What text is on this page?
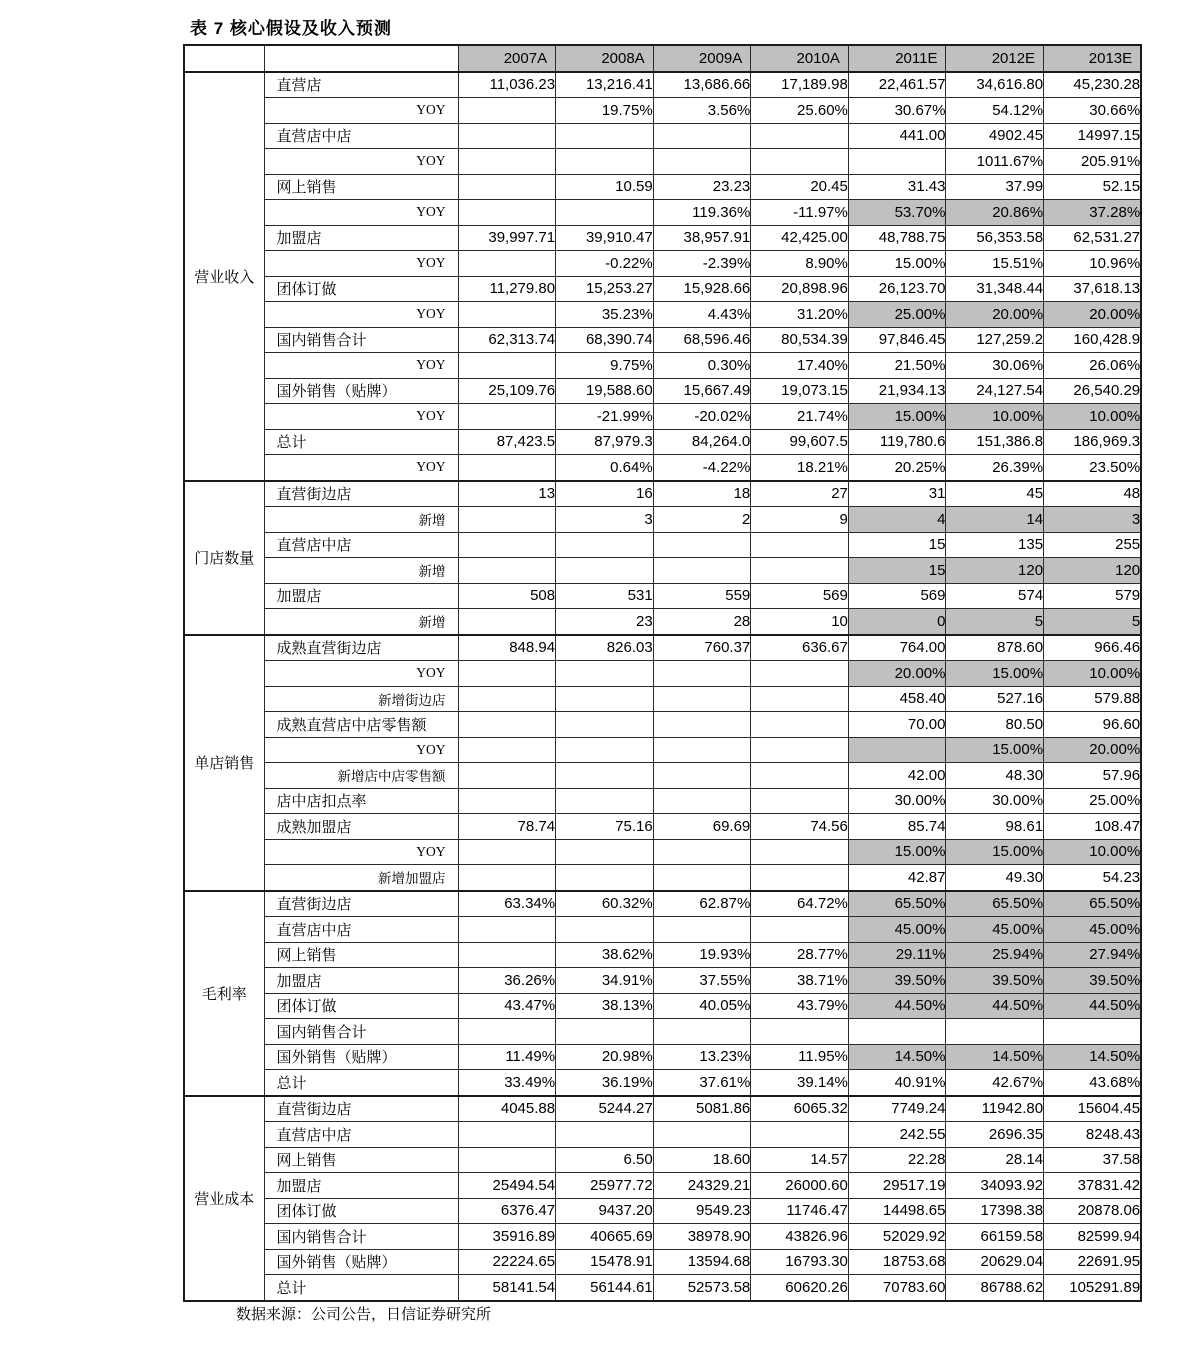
表 7 核心假设及收入预测
		2007A	2008A	2009A	2010A	2011E	2012E	2013E
营业收入	直营店	11,036.23	13,216.41	13,686.66	17,189.98	22,461.57	34,616.80	45,230.28
	YOY		19.75%	3.56%	25.60%	30.67%	54.12%	30.66%
	直营店中店					441.00	4902.45	14997.15
	YOY						1011.67%	205.91%
	网上销售		10.59	23.23	20.45	31.43	37.99	52.15
	YOY			119.36%	-11.97%	53.70%	20.86%	37.28%
	加盟店	39,997.71	39,910.47	38,957.91	42,425.00	48,788.75	56,353.58	62,531.27
	YOY		-0.22%	-2.39%	8.90%	15.00%	15.51%	10.96%
	团体订做	11,279.80	15,253.27	15,928.66	20,898.96	26,123.70	31,348.44	37,618.13
	YOY		35.23%	4.43%	31.20%	25.00%	20.00%	20.00%
	国内销售合计	62,313.74	68,390.74	68,596.46	80,534.39	97,846.45	127,259.2	160,428.9
	YOY		9.75%	0.30%	17.40%	21.50%	30.06%	26.06%
	国外销售（贴牌）	25,109.76	19,588.60	15,667.49	19,073.15	21,934.13	24,127.54	26,540.29
	YOY		-21.99%	-20.02%	21.74%	15.00%	10.00%	10.00%
	总计	87,423.5	87,979.3	84,264.0	99,607.5	119,780.6	151,386.8	186,969.3
	YOY		0.64%	-4.22%	18.21%	20.25%	26.39%	23.50%
门店数量	直营街边店	13	16	18	27	31	45	48
	新增		3	2	9	4	14	3
	直营店中店					15	135	255
	新增					15	120	120
	加盟店	508	531	559	569	569	574	579
	新增		23	28	10	0	5	5
单店销售	成熟直营街边店	848.94	826.03	760.37	636.67	764.00	878.60	966.46
	YOY					20.00%	15.00%	10.00%
	新增街边店					458.40	527.16	579.88
	成熟直营店中店零售额					70.00	80.50	96.60
	YOY						15.00%	20.00%
	新增店中店零售额					42.00	48.30	57.96
	店中店扣点率					30.00%	30.00%	25.00%
	成熟加盟店	78.74	75.16	69.69	74.56	85.74	98.61	108.47
	YOY					15.00%	15.00%	10.00%
	新增加盟店					42.87	49.30	54.23
毛利率	直营街边店	63.34%	60.32%	62.87%	64.72%	65.50%	65.50%	65.50%
	直营店中店					45.00%	45.00%	45.00%
	网上销售		38.62%	19.93%	28.77%	29.11%	25.94%	27.94%
	加盟店	36.26%	34.91%	37.55%	38.71%	39.50%	39.50%	39.50%
	团体订做	43.47%	38.13%	40.05%	43.79%	44.50%	44.50%	44.50%
	国内销售合计							
	国外销售（贴牌）	11.49%	20.98%	13.23%	11.95%	14.50%	14.50%	14.50%
	总计	33.49%	36.19%	37.61%	39.14%	40.91%	42.67%	43.68%
营业成本	直营街边店	4045.88	5244.27	5081.86	6065.32	7749.24	11942.80	15604.45
	直营店中店					242.55	2696.35	8248.43
	网上销售		6.50	18.60	14.57	22.28	28.14	37.58
	加盟店	25494.54	25977.72	24329.21	26000.60	29517.19	34093.92	37831.42
	团体订做	6376.47	9437.20	9549.23	11746.47	14498.65	17398.38	20878.06
	国内销售合计	35916.89	40665.69	38978.90	43826.96	52029.92	66159.58	82599.94
	国外销售（贴牌）	22224.65	15478.91	13594.68	16793.30	18753.68	20629.04	22691.95
	总计	58141.54	56144.61	52573.58	60620.26	70783.60	86788.62	105291.89
数据来源：公司公告，日信证券研究所
